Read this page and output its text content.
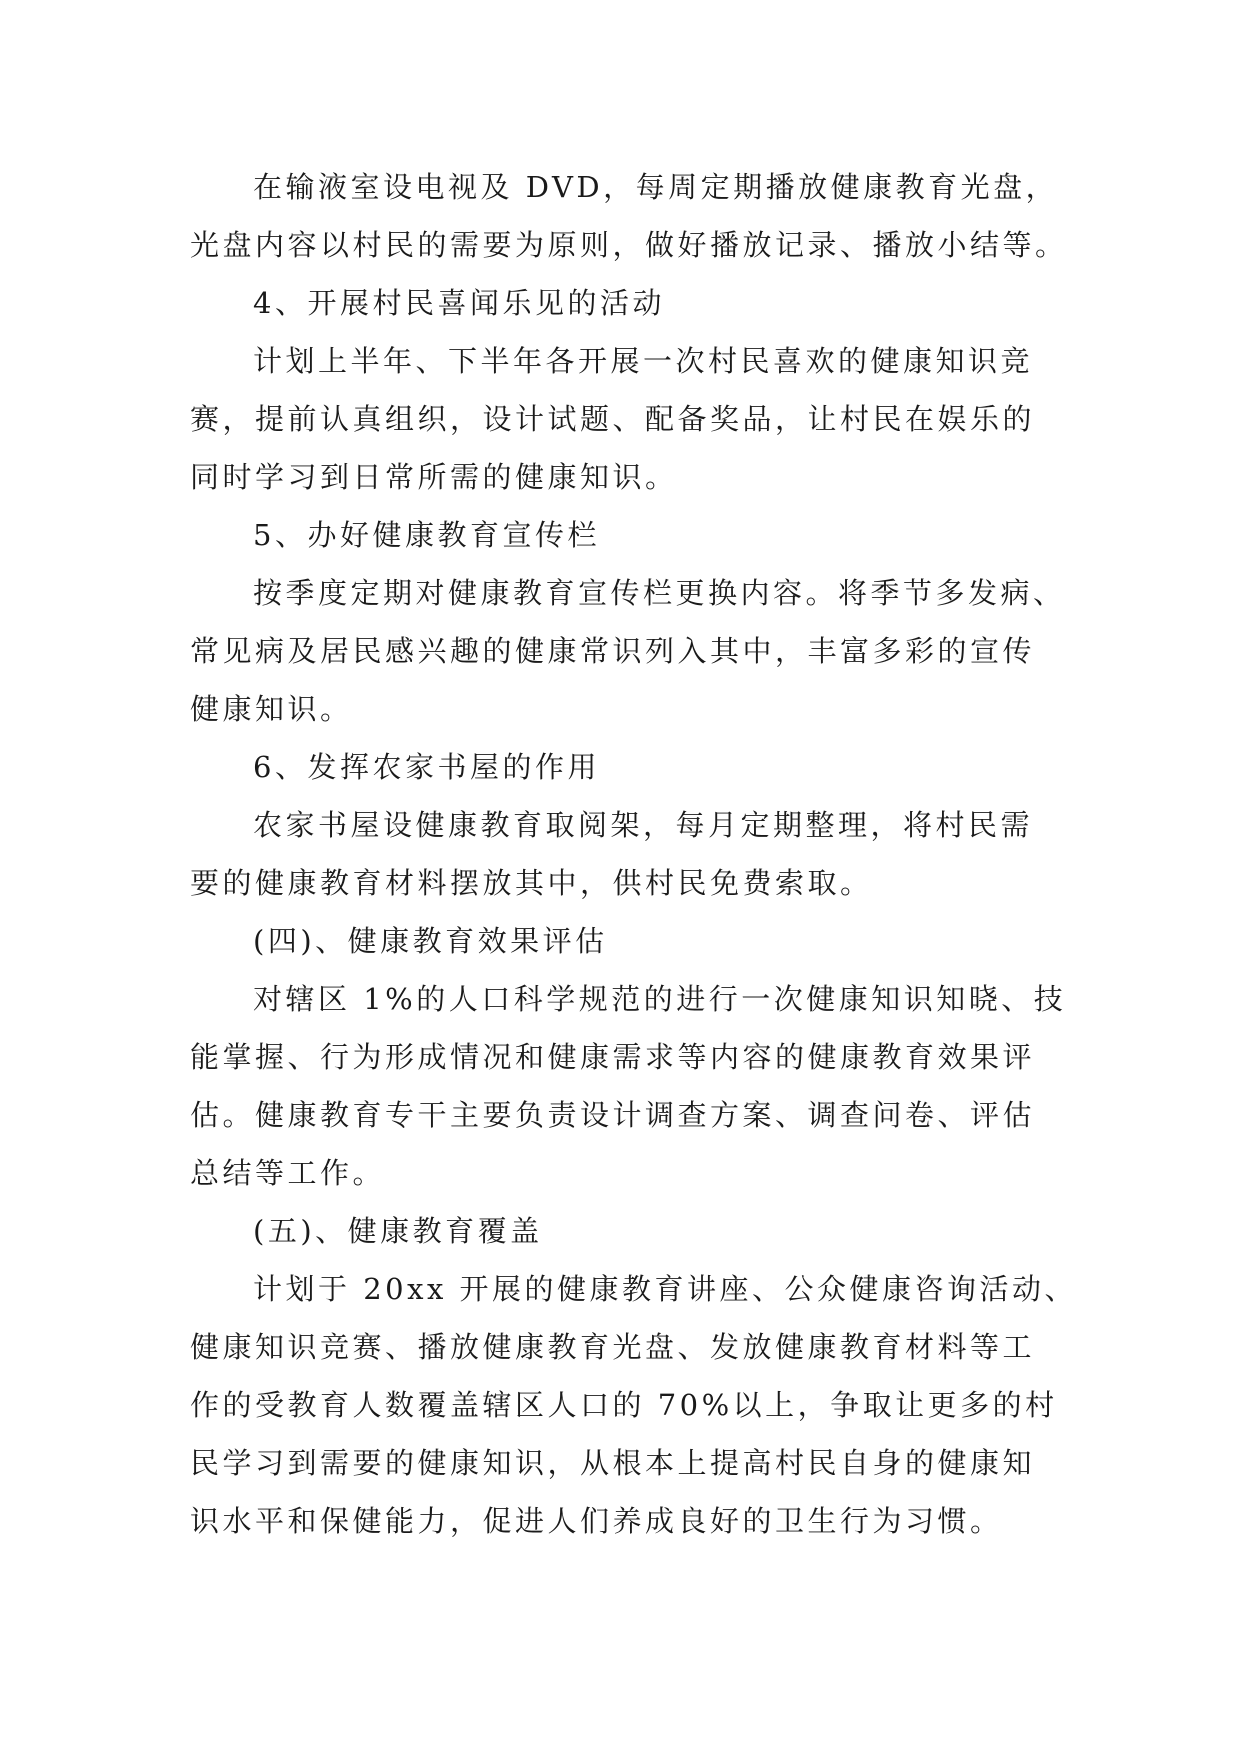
在输液室设电视及 DVD，每周定期播放健康教育光盘，
光盘内容以村民的需要为原则，做好播放记录、播放小结等。
4、开展村民喜闻乐见的活动
计划上半年、下半年各开展一次村民喜欢的健康知识竞
赛，提前认真组织，设计试题、配备奖品，让村民在娱乐的
同时学习到日常所需的健康知识。
5、办好健康教育宣传栏
按季度定期对健康教育宣传栏更换内容。将季节多发病、
常见病及居民感兴趣的健康常识列入其中，丰富多彩的宣传
健康知识。
6、发挥农家书屋的作用
农家书屋设健康教育取阅架，每月定期整理，将村民需
要的健康教育材料摆放其中，供村民免费索取。
(四)、健康教育效果评估
对辖区 1%的人口科学规范的进行一次健康知识知晓、技
能掌握、行为形成情况和健康需求等内容的健康教育效果评
估。健康教育专干主要负责设计调查方案、调查问卷、评估
总结等工作。
(五)、健康教育覆盖
计划于 20xx 开展的健康教育讲座、公众健康咨询活动、
健康知识竞赛、播放健康教育光盘、发放健康教育材料等工
作的受教育人数覆盖辖区人口的 70%以上，争取让更多的村
民学习到需要的健康知识，从根本上提高村民自身的健康知
识水平和保健能力，促进人们养成良好的卫生行为习惯。
